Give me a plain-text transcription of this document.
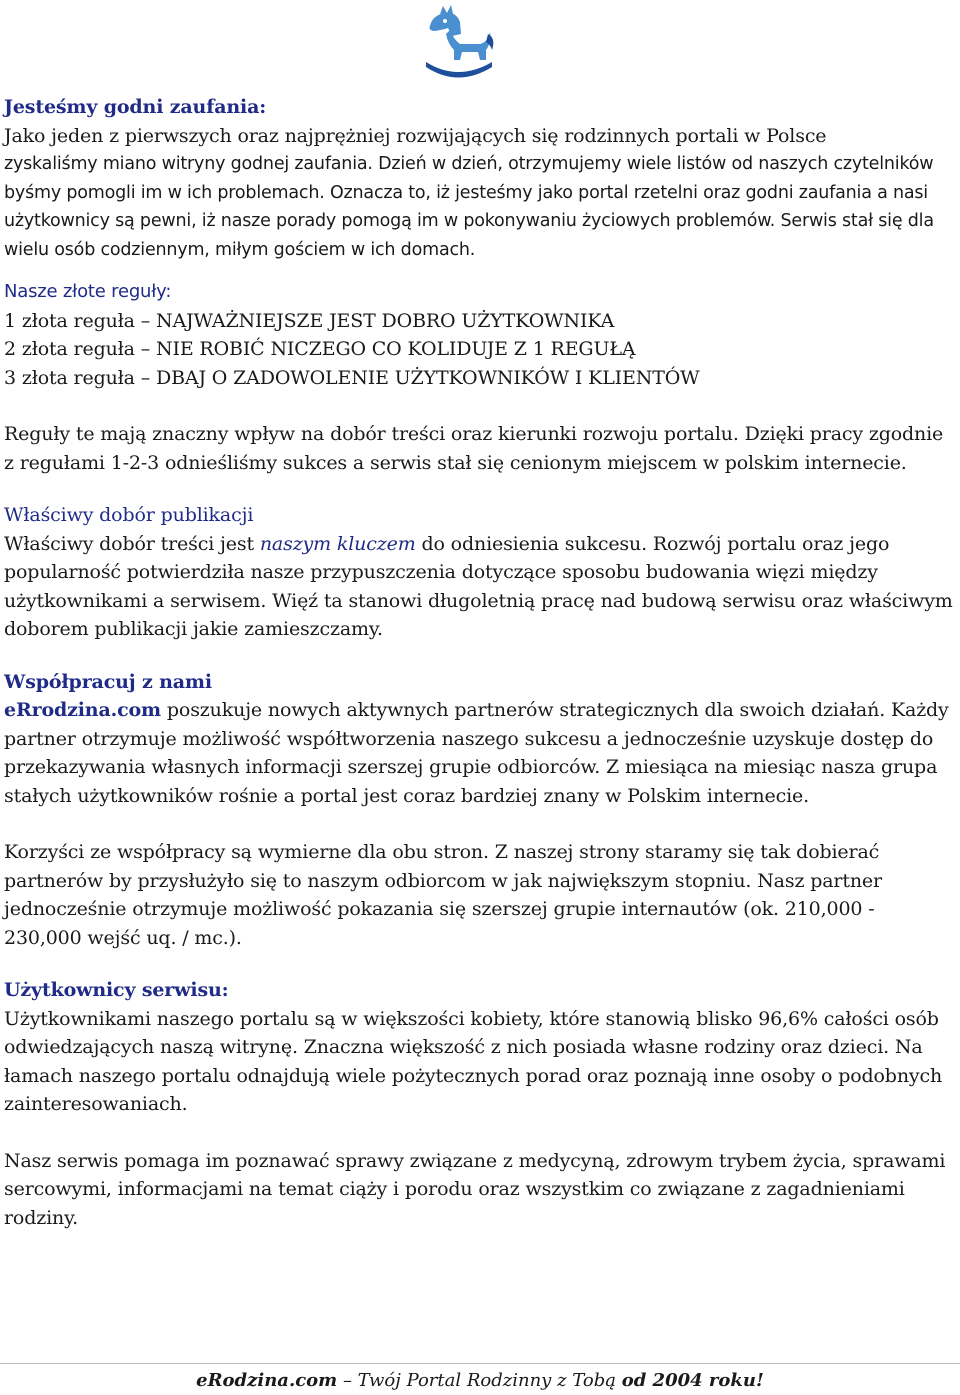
Jesteśmy godni zaufania:

Jako jeden z pierwszych oraz najprężniej rozwijających się rodzinnych portali w Polsce

zyskaliśmy miano witryny godnej zaufania. Dzień w dzień, otrzymujemy wiele listów od naszych czytelników byśmy pomogli im w ich problemach. Oznacza to, iż jesteśmy jako portal rzetelni oraz godni zaufania a nasi użytkownicy są pewni, iż nasze porady pomogą im w pokonywaniu życiowych problemów. Serwis stał się dla wielu osób codziennym, miłym gościem w ich domach.

Nasze złote reguły:

1 złota reguła – NAJWAŻNIEJSZE JEST DOBRO UŻYTKOWNIKA

2 złota reguła – NIE ROBIĆ NICZEGO CO KOLIDUJE Z 1 REGUŁĄ

3 złota reguła – DBAJ O ZADOWOLENIE UŻYTKOWNIKÓW I KLIENTÓW

Reguły te mają znaczny wpływ na dobór treści oraz kierunki rozwoju portalu. Dzięki pracy zgodnie z regułami 1-2-3 odnieśliśmy sukces a serwis stał się cenionym miejscem w polskim internecie.

Właściwy dobór publikacji

Właściwy dobór treści jest naszym kluczem do odniesienia sukcesu. Rozwój portalu oraz jego popularność potwierdziła nasze przypuszczenia dotyczące sposobu budowania więzi między użytkownikami a serwisem. Więź ta stanowi długoletnią pracę nad budową serwisu oraz właściwym doborem publikacji jakie zamieszczamy.

Współpracuj z nami

eRrodzina.com poszukuje nowych aktywnych partnerów strategicznych dla swoich działań. Każdy partner otrzymuje możliwość współtworzenia naszego sukcesu a jednocześnie uzyskuje dostęp do przekazywania własnych informacji szerszej grupie odbiorców. Z miesiąca na miesiąc nasza grupa stałych użytkowników rośnie a portal jest coraz bardziej znany w Polskim internecie.

Korzyści ze współpracy są wymierne dla obu stron. Z naszej strony staramy się tak dobierać partnerów by przysłużyło się to naszym odbiorcom w jak największym stopniu. Nasz partner jednocześnie otrzymuje możliwość pokazania się szerszej grupie internautów (ok. 210,000 - 230,000 wejść uq. / mc.).

Użytkownicy serwisu:

Użytkownikami naszego portalu są w większości kobiety, które stanowią blisko 96,6% całości osób odwiedzających naszą witrynę. Znaczna większość z nich posiada własne rodziny oraz dzieci. Na łamach naszego portalu odnajdują wiele pożytecznych porad oraz poznają inne osoby o podobnych zainteresowaniach.

Nasz serwis pomaga im poznawać sprawy związane z medycyną, zdrowym trybem życia, sprawami sercowymi, informacjami na temat ciąży i porodu oraz wszystkim co związane z zagadnieniami rodziny.

eRodzina.com – Twój Portal Rodzinny z Tobą od 2004 roku!
